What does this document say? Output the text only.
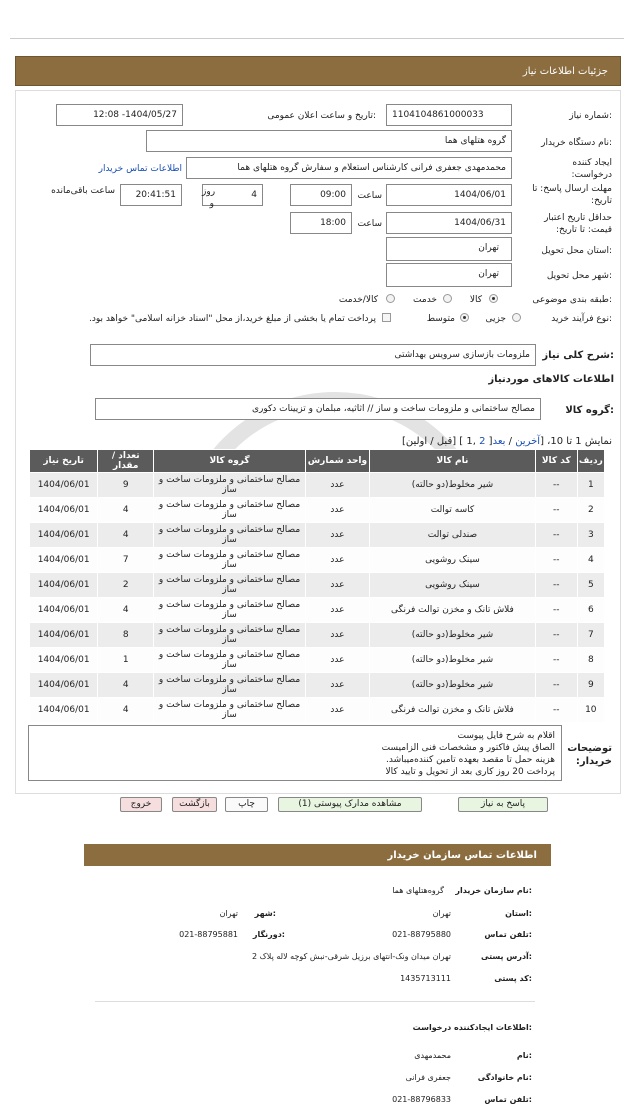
جزئیات اطلاعات نیاز
شماره نیاز:
1104104861000033
تاریخ و ساعت اعلان عمومی:
1404/05/27- 12:08
نام دستگاه خریدار:
گروه هتلهای هما
ایجاد کننده درخواست:
محمدمهدی جعفری فرانی کارشناس استعلام و سفارش گروه هتلهای هما
اطلاعات تماس خریدار
مهلت ارسال پاسخ: تا تاریخ:
1404/06/01
ساعت
09:00
4
روز و
20:41:51
ساعت باقی‌مانده
حداقل تاریخ اعتبار قیمت: تا تاریخ:
1404/06/31
ساعت
18:00
استان محل تحویل:
تهران
شهر محل تحویل:
تهران
طبقه بندی موضوعی:
کالا
خدمت
کالا/خدمت
نوع فرآیند خرید:
جزیی
متوسط
پرداخت تمام یا بخشی از مبلغ خرید،از محل "اسناد خزانه اسلامی" خواهد بود.
شرح کلی نیاز:
ملزومات بازسازی سرویس بهداشتی
اطلاعات کالاهای موردنیاز
گروه کالا:
مصالح ساختمانی و ملزومات ساخت و ساز // اثاثیه، مبلمان و تزیینات دکوری
نمایش 1 تا 10، [آخرین / بعد[ 2 ,1 ] [قبل / اولین]
ردیف	کد کالا	نام کالا	واحد شمارش	گروه کالا	تعداد / مقدار	تاریخ نیاز
1	--	شیر مخلوط(دو حالته)	عدد	مصالح ساختمانی و ملزومات ساخت و ساز	9	1404/06/01
2	--	کاسه توالت	عدد	مصالح ساختمانی و ملزومات ساخت و ساز	4	1404/06/01
3	--	صندلی توالت	عدد	مصالح ساختمانی و ملزومات ساخت و ساز	4	1404/06/01
4	--	سینک روشویی	عدد	مصالح ساختمانی و ملزومات ساخت و ساز	7	1404/06/01
5	--	سینک روشویی	عدد	مصالح ساختمانی و ملزومات ساخت و ساز	2	1404/06/01
6	--	فلاش تانک و مخزن توالت فرنگی	عدد	مصالح ساختمانی و ملزومات ساخت و ساز	4	1404/06/01
7	--	شیر مخلوط(دو حالته)	عدد	مصالح ساختمانی و ملزومات ساخت و ساز	8	1404/06/01
8	--	شیر مخلوط(دو حالته)	عدد	مصالح ساختمانی و ملزومات ساخت و ساز	1	1404/06/01
9	--	شیر مخلوط(دو حالته)	عدد	مصالح ساختمانی و ملزومات ساخت و ساز	4	1404/06/01
10	--	فلاش تانک و مخزن توالت فرنگی	عدد	مصالح ساختمانی و ملزومات ساخت و ساز	4	1404/06/01
توضیحات خریدار:
اقلام به شرح فایل پیوست
الصاق پیش فاکتور و مشخصات فنی الزامیست
هزینه حمل تا مقصد بعهده تامین کننده‌میباشد.
پرداخت 20 روز کاری بعد از تحویل و تایید کالا
پاسخ به نیاز
مشاهده مدارک پیوستی (1)
چاپ
بازگشت
خروج
اطلاعات تماس سازمان خریدار
نام سازمان خریدار:
گروه‌هتلهای هما
استان:
تهران
شهر:
تهران
تلفن تماس:
021-88795880
دورنگار:
021-88795881
آدرس پستی:
تهران میدان ونک-انتهای برزیل شرقی-نبش کوچه لاله پلاک 2
کد پستی:
1435713111
اطلاعات ایجادکننده درخواست:
نام:
محمدمهدی
نام خانوادگی:
جعفری فرانی
تلفن تماس:
021-88796833
